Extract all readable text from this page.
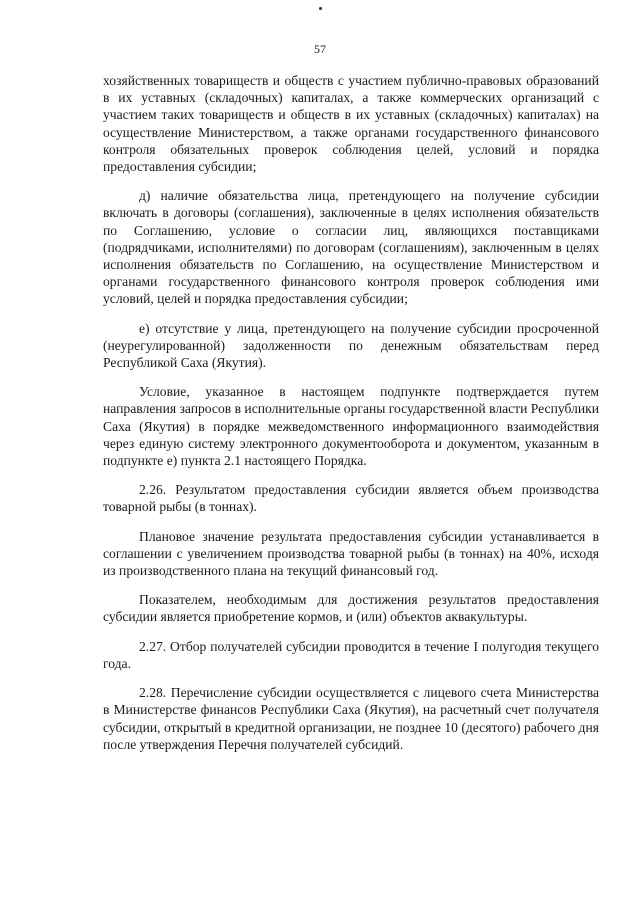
57

хозяйственных товариществ и обществ с участием публично-правовых образований в их уставных (складочных) капиталах, а также коммерческих организаций с участием таких товариществ и обществ в их уставных (складочных) капиталах) на осуществление Министерством, а также органами государственного финансового контроля обязательных проверок соблюдения целей, условий и порядка предоставления субсидии;

д) наличие обязательства лица, претендующего на получение субсидии включать в договоры (соглашения), заключенные в целях исполнения обязательств по Соглашению, условие о согласии лиц, являющихся поставщиками (подрядчиками, исполнителями) по договорам (соглашениям), заключенным в целях исполнения обязательств по Соглашению, на осуществление Министерством и органами государственного финансового контроля проверок соблюдения ими условий, целей и порядка предоставления субсидии;

е) отсутствие у лица, претендующего на получение субсидии просроченной (неурегулированной) задолженности по денежным обязательствам перед Республикой Саха (Якутия).

Условие, указанное в настоящем подпункте подтверждается путем направления запросов в исполнительные органы государственной власти Республики Саха (Якутия) в порядке межведомственного информационного взаимодействия через единую систему электронного документооборота и документом, указанным в подпункте е) пункта 2.1 настоящего Порядка.

2.26. Результатом предоставления субсидии является объем производства товарной рыбы (в тоннах).

Плановое значение результата предоставления субсидии устанавливается в соглашении с увеличением производства товарной рыбы (в тоннах) на 40%, исходя из производственного плана на текущий финансовый год.

Показателем, необходимым для достижения результатов предоставления субсидии является приобретение кормов, и (или) объектов аквакультуры.

2.27. Отбор получателей субсидии проводится в течение I полугодия текущего года.

2.28. Перечисление субсидии осуществляется с лицевого счета Министерства в Министерстве финансов Республики Саха (Якутия), на расчетный счет получателя субсидии, открытый в кредитной организации, не позднее 10 (десятого) рабочего дня после утверждения Перечня получателей субсидий.
